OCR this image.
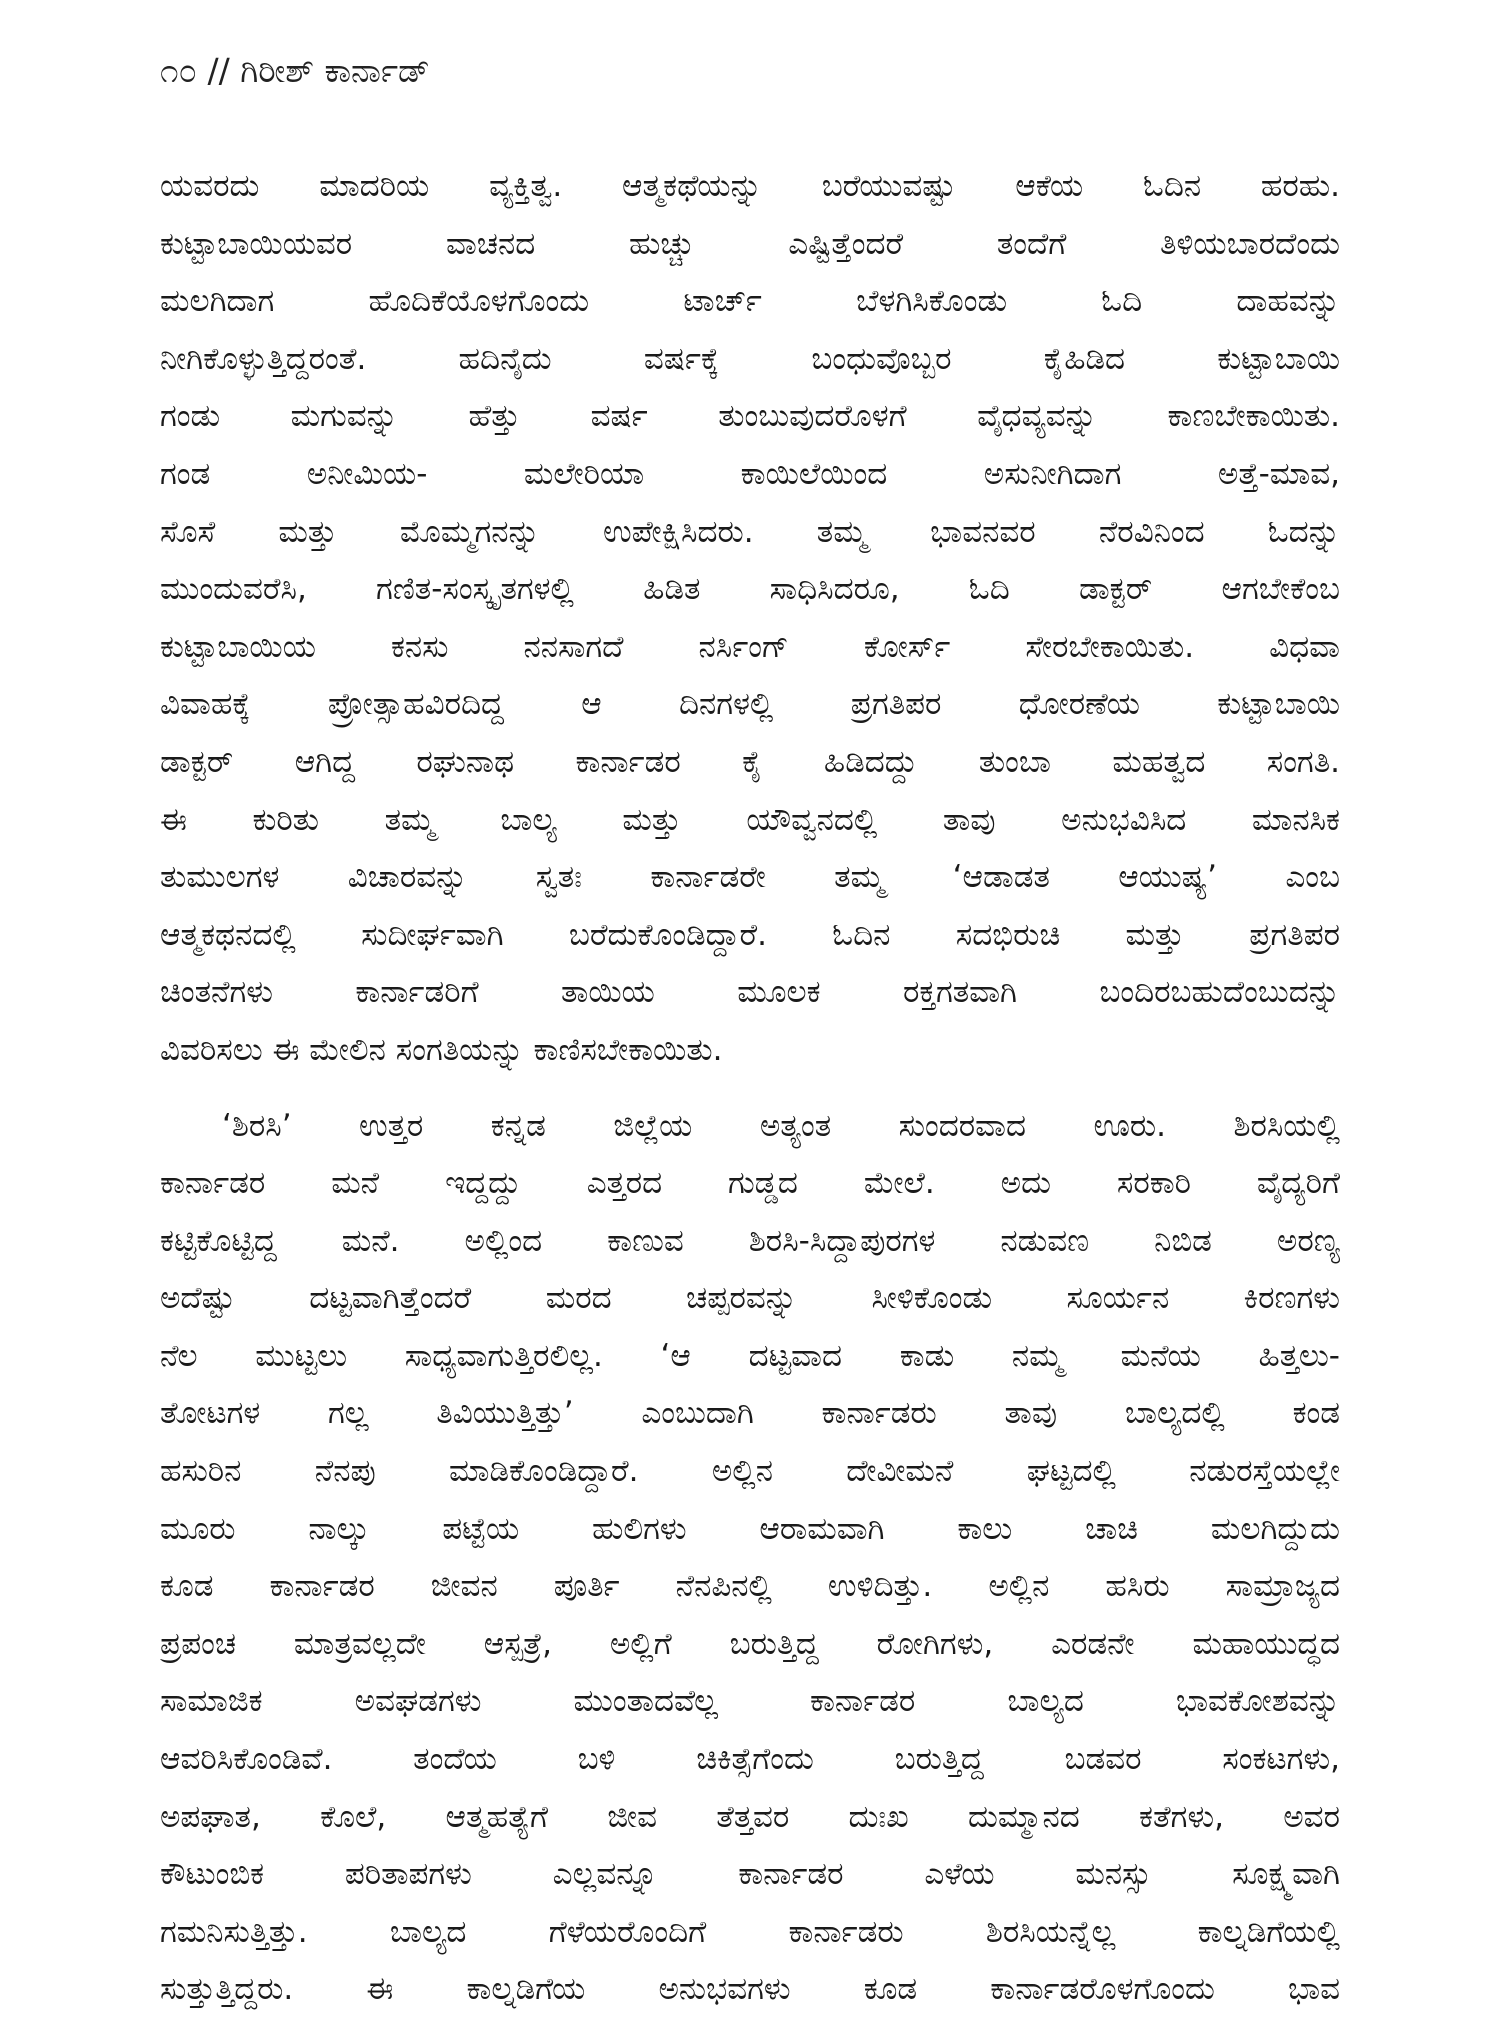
೧೦ // ಗಿರೀಶ್ ಕಾರ್ನಾಡ್
ಯವರದು ಮಾದರಿಯ ವ್ಯಕ್ತಿತ್ವ. ಆತ್ಮಕಥೆಯನ್ನು ಬರೆಯುವಷ್ಟು ಆಕೆಯ ಓದಿನ ಹರಹು.
ಕುಟ್ಟಾಬಾಯಿಯವರ ವಾಚನದ ಹುಚ್ಚು ಎಷ್ಟಿತ್ತೆಂದರೆ ತಂದೆಗೆ ತಿಳಿಯಬಾರದೆಂದು
ಮಲಗಿದಾಗ ಹೊದಿಕೆಯೊಳಗೊಂದು ಟಾರ್ಚ್ ಬೆಳಗಿಸಿಕೊಂಡು ಓದಿ ದಾಹವನ್ನು
ನೀಗಿಕೊಳ್ಳುತ್ತಿದ್ದರಂತೆ. ಹದಿನೈದು ವರ್ಷಕ್ಕೆ ಬಂಧುವೊಬ್ಬರ ಕೈಹಿಡಿದ ಕುಟ್ಟಾಬಾಯಿ
ಗಂಡು ಮಗುವನ್ನು ಹೆತ್ತು ವರ್ಷ ತುಂಬುವುದರೊಳಗೆ ವೈಧವ್ಯವನ್ನು ಕಾಣಬೇಕಾಯಿತು.
ಗಂಡ ಅನೀಮಿಯ- ಮಲೇರಿಯಾ ಕಾಯಿಲೆಯಿಂದ ಅಸುನೀಗಿದಾಗ ಅತ್ತೆ-ಮಾವ,
ಸೊಸೆ ಮತ್ತು ಮೊಮ್ಮಗನನ್ನು ಉಪೇಕ್ಷಿಸಿದರು. ತಮ್ಮ ಭಾವನವರ ನೆರವಿನಿಂದ ಓದನ್ನು
ಮುಂದುವರೆಸಿ, ಗಣಿತ-ಸಂಸ್ಕೃತಗಳಲ್ಲಿ ಹಿಡಿತ ಸಾಧಿಸಿದರೂ, ಓದಿ ಡಾಕ್ಟರ್ ಆಗಬೇಕೆಂಬ
ಕುಟ್ಟಾಬಾಯಿಯ ಕನಸು ನನಸಾಗದೆ ನರ್ಸಿಂಗ್ ಕೋರ್ಸ್ ಸೇರಬೇಕಾಯಿತು. ವಿಧವಾ
ವಿವಾಹಕ್ಕೆ ಪ್ರೋತ್ಸಾಹವಿರದಿದ್ದ ಆ ದಿನಗಳಲ್ಲಿ ಪ್ರಗತಿಪರ ಧೋರಣೆಯ ಕುಟ್ಟಾಬಾಯಿ
ಡಾಕ್ಟರ್ ಆಗಿದ್ದ ರಘುನಾಥ ಕಾರ್ನಾಡರ ಕೈ ಹಿಡಿದದ್ದು ತುಂಬಾ ಮಹತ್ವದ ಸಂಗತಿ.
ಈ ಕುರಿತು ತಮ್ಮ ಬಾಲ್ಯ ಮತ್ತು ಯೌವ್ವನದಲ್ಲಿ ತಾವು ಅನುಭವಿಸಿದ ಮಾನಸಿಕ
ತುಮುಲಗಳ ವಿಚಾರವನ್ನು ಸ್ವತಃ ಕಾರ್ನಾಡರೇ ತಮ್ಮ ‘ಆಡಾಡತ ಆಯುಷ್ಯ’ ಎಂಬ
ಆತ್ಮಕಥನದಲ್ಲಿ ಸುದೀರ್ಘವಾಗಿ ಬರೆದುಕೊಂಡಿದ್ದಾರೆ. ಓದಿನ ಸದಭಿರುಚಿ ಮತ್ತು ಪ್ರಗತಿಪರ
ಚಿಂತನೆಗಳು ಕಾರ್ನಾಡರಿಗೆ ತಾಯಿಯ ಮೂಲಕ ರಕ್ತಗತವಾಗಿ ಬಂದಿರಬಹುದೆಂಬುದನ್ನು
ವಿವರಿಸಲು ಈ ಮೇಲಿನ ಸಂಗತಿಯನ್ನು ಕಾಣಿಸಬೇಕಾಯಿತು.
‘ಶಿರಸಿ’ ಉತ್ತರ ಕನ್ನಡ ಜಿಲ್ಲೆಯ ಅತ್ಯಂತ ಸುಂದರವಾದ ಊರು. ಶಿರಸಿಯಲ್ಲಿ
ಕಾರ್ನಾಡರ ಮನೆ ಇದ್ದದ್ದು ಎತ್ತರದ ಗುಡ್ಡದ ಮೇಲೆ. ಅದು ಸರಕಾರಿ ವೈದ್ಯರಿಗೆ
ಕಟ್ಟಿಕೊಟ್ಟಿದ್ದ ಮನೆ. ಅಲ್ಲಿಂದ ಕಾಣುವ ಶಿರಸಿ-ಸಿದ್ದಾಪುರಗಳ ನಡುವಣ ನಿಬಿಡ ಅರಣ್ಯ
ಅದೆಷ್ಟು ದಟ್ಟವಾಗಿತ್ತೆಂದರೆ ಮರದ ಚಪ್ಪರವನ್ನು ಸೀಳಿಕೊಂಡು ಸೂರ್ಯನ ಕಿರಣಗಳು
ನೆಲ ಮುಟ್ಟಲು ಸಾಧ್ಯವಾಗುತ್ತಿರಲಿಲ್ಲ. ‘ಆ ದಟ್ಟವಾದ ಕಾಡು ನಮ್ಮ ಮನೆಯ ಹಿತ್ತಲು-
ತೋಟಗಳ ಗಲ್ಲ ತಿವಿಯುತ್ತಿತ್ತು’ ಎಂಬುದಾಗಿ ಕಾರ್ನಾಡರು ತಾವು ಬಾಲ್ಯದಲ್ಲಿ ಕಂಡ
ಹಸುರಿನ ನೆನಪು ಮಾಡಿಕೊಂಡಿದ್ದಾರೆ. ಅಲ್ಲಿನ ದೇವೀಮನೆ ಘಟ್ಟದಲ್ಲಿ ನಡುರಸ್ತೆಯಲ್ಲೇ
ಮೂರು ನಾಲ್ಕು ಪಟ್ಟೆಯ ಹುಲಿಗಳು ಆರಾಮವಾಗಿ ಕಾಲು ಚಾಚಿ ಮಲಗಿದ್ದುದು
ಕೂಡ ಕಾರ್ನಾಡರ ಜೀವನ ಪೂರ್ತಿ ನೆನಪಿನಲ್ಲಿ ಉಳಿದಿತ್ತು. ಅಲ್ಲಿನ ಹಸಿರು ಸಾಮ್ರಾಜ್ಯದ
ಪ್ರಪಂಚ ಮಾತ್ರವಲ್ಲದೇ ಆಸ್ಪತ್ರೆ, ಅಲ್ಲಿಗೆ ಬರುತ್ತಿದ್ದ ರೋಗಿಗಳು, ಎರಡನೇ ಮಹಾಯುದ್ಧದ
ಸಾಮಾಜಿಕ ಅವಘಡಗಳು ಮುಂತಾದವೆಲ್ಲ ಕಾರ್ನಾಡರ ಬಾಲ್ಯದ ಭಾವಕೋಶವನ್ನು
ಆವರಿಸಿಕೊಂಡಿವೆ. ತಂದೆಯ ಬಳಿ ಚಿಕಿತ್ಸೆಗೆಂದು ಬರುತ್ತಿದ್ದ ಬಡವರ ಸಂಕಟಗಳು,
ಅಪಘಾತ, ಕೊಲೆ, ಆತ್ಮಹತ್ಯೆಗೆ ಜೀವ ತೆತ್ತವರ ದುಃಖ ದುಮ್ಮಾನದ ಕತೆಗಳು, ಅವರ
ಕೌಟುಂಬಿಕ ಪರಿತಾಪಗಳು ಎಲ್ಲವನ್ನೂ ಕಾರ್ನಾಡರ ಎಳೆಯ ಮನಸ್ಸು ಸೂಕ್ಷ್ಮವಾಗಿ
ಗಮನಿಸುತ್ತಿತ್ತು. ಬಾಲ್ಯದ ಗೆಳೆಯರೊಂದಿಗೆ ಕಾರ್ನಾಡರು ಶಿರಸಿಯನ್ನೆಲ್ಲ ಕಾಲ್ನಡಿಗೆಯಲ್ಲಿ
ಸುತ್ತುತ್ತಿದ್ದರು. ಈ ಕಾಲ್ನಡಿಗೆಯ ಅನುಭವಗಳು ಕೂಡ ಕಾರ್ನಾಡರೊಳಗೊಂದು ಭಾವ
